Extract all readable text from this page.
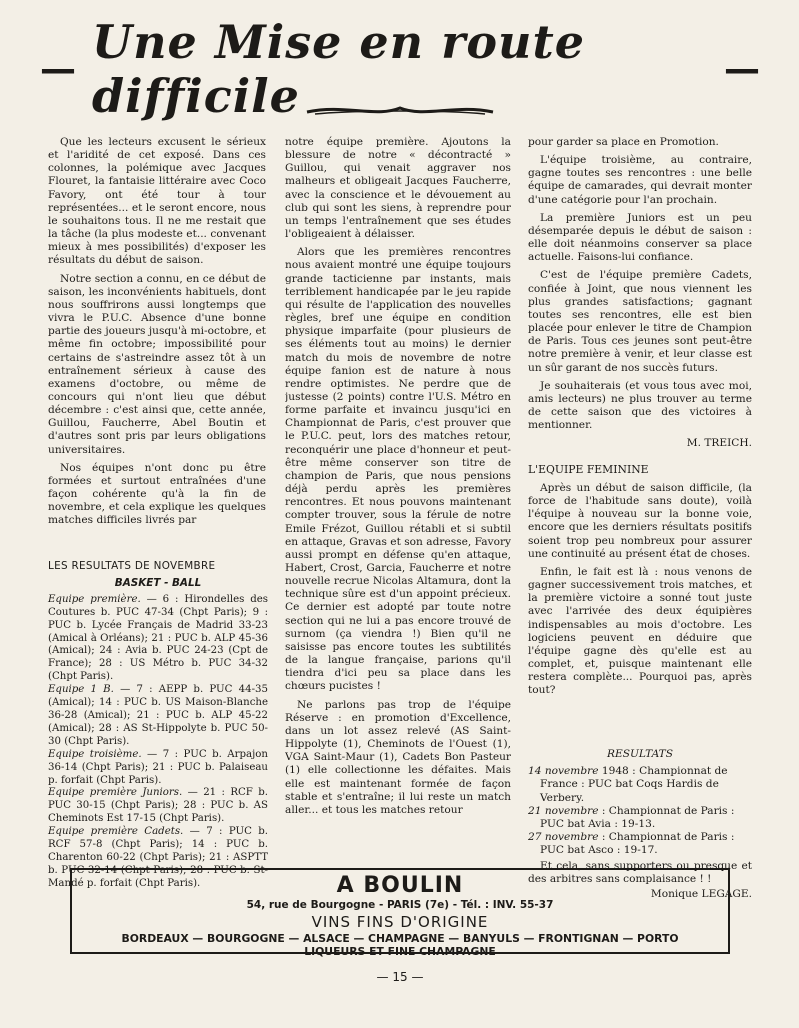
— Une Mise en route difficile	—

Que les lecteurs excusent le sérieux et l'aridité de cet exposé. Dans ces colonnes, la polémique avec Jacques Flouret, la fantaisie littéraire avec Coco Favory, ont été tour à tour représentées... et le seront encore, nous le souhaitons tous. Il ne me restait que la tâche (la plus modeste et... convenant mieux à mes possibilités) d'exposer les résultats du début de saison.

Notre section a connu, en ce début de saison, les inconvénients habituels, dont nous souffrirons aussi longtemps que vivra le P.U.C. Absence d'une bonne partie des joueurs jusqu'à mi-octobre, et même fin octobre; impossibilité pour certains de s'astreindre assez tôt à un entraînement sérieux à cause des examens d'octobre, ou même de concours qui n'ont lieu que début décembre : c'est ainsi que, cette année, Guillou, Faucherre, Abel Boutin et d'autres sont pris par leurs obligations universitaires.

Nos équipes n'ont donc pu être formées et surtout entraînées d'une façon cohérente qu'à la fin de novembre, et cela explique les quelques matches difficiles livrés par

LES RESULTATS DE NOVEMBRE
BASKET - BALL

Equipe première. — 6 : Hirondelles des Coutures b. PUC 47-34 (Chpt Paris); 9 : PUC b. Lycée Français de Madrid 33-23 (Amical à Orléans); 21 : PUC b. ALP 45-36 (Amical); 24 : Avia b. PUC 24-23 (Cpt de France); 28 : US Métro b. PUC 34-32 (Chpt Paris).

Equipe 1 B. — 7 : AEPP b. PUC 44-35 (Amical); 14 : PUC b. US Maison-Blanche 36-28 (Amical); 21 : PUC b. ALP 45-22 (Amical); 28 : AS St-Hippolyte b. PUC 50-30 (Chpt Paris).

Equipe troisième. — 7 : PUC b. Arpajon 36-14 (Chpt Paris); 21 : PUC b. Palaiseau p. forfait (Chpt Paris).

Equipe première Juniors. — 21 : RCF b. PUC 30-15 (Chpt Paris); 28 : PUC b. AS Cheminots Est 17-15 (Chpt Paris).

Equipe première Cadets. — 7 : PUC b. RCF 57-8 (Chpt Paris); 14 : PUC b. Charenton 60-22 (Chpt Paris); 21 : ASPTT b. PUC 32-14 (Chpt Paris); 28 : PUC b. St-Mandé p. forfait (Chpt Paris).

notre équipe première. Ajoutons la blessure de notre « décontracté » Guillou, qui venait aggraver nos malheurs et obligeait Jacques Faucherre, avec la conscience et le dévouement au club qui sont les siens, à reprendre pour un temps l'entraînement que ses études l'obligeaient à délaisser.

Alors que les premières rencontres nous avaient montré une équipe toujours grande tacticienne par instants, mais terriblement handicapée par le jeu rapide qui résulte de l'application des nouvelles règles, bref une équipe en condition physique imparfaite (pour plusieurs de ses éléments tout au moins) le dernier match du mois de novembre de notre équipe fanion est de nature à nous rendre optimistes. Ne perdre que de justesse (2 points) contre l'U.S. Métro en forme parfaite et invaincu jusqu'ici en Championnat de Paris, c'est prouver que le P.U.C. peut, lors des matches retour, reconquérir une place d'honneur et peut-être même conserver son titre de champion de Paris, que nous pensions déjà perdu après les premières rencontres. Et nous pouvons maintenant compter trouver, sous la férule de notre Emile Frézot, Guillou rétabli et si subtil en attaque, Gravas et son adresse, Favory aussi prompt en défense qu'en attaque, Habert, Crost, Garcia, Faucherre et notre nouvelle recrue Nicolas Altamura, dont la technique sûre est d'un appoint précieux. Ce dernier est adopté par toute notre section qui ne lui a pas encore trouvé de surnom (ça viendra !) Bien qu'il ne saisisse pas encore toutes les subtilités de la langue française, parions qu'il tiendra d'ici peu sa place dans les chœurs pucistes !

Ne parlons pas trop de l'équipe Réserve : en promotion d'Excellence, dans un lot assez relevé (AS Saint-Hippolyte (1), Cheminots de l'Ouest (1), VGA Saint-Maur (1), Cadets Bon Pasteur (1) elle collectionne les défaites. Mais elle est maintenant formée de façon stable et s'entraîne; il lui reste un match aller... et tous les matches retour

pour garder sa place en Promotion.

L'équipe troisième, au contraire, gagne toutes ses rencontres : une belle équipe de camarades, qui devrait monter d'une catégorie pour l'an prochain.

La première Juniors est un peu désemparée depuis le début de saison : elle doit néanmoins conserver sa place actuelle. Faisons-lui confiance.

C'est de l'équipe première Cadets, confiée à Joint, que nous viennent les plus grandes satisfactions; gagnant toutes ses rencontres, elle est bien placée pour enlever le titre de Champion de Paris. Tous ces jeunes sont peut-être notre première à venir, et leur classe est un sûr garant de nos succès futurs.

Je souhaiterais (et vous tous avec moi, amis lecteurs) ne plus trouver au terme de cette saison que des victoires à mentionner.

M. TREICH.

L'EQUIPE FEMININE

Après un début de saison difficile, (la force de l'habitude sans doute), voilà l'équipe à nouveau sur la bonne voie, encore que les derniers résultats positifs soient trop peu nombreux pour assurer une continuité au présent état de choses.

Enfin, le fait est là : nous venons de gagner successivement trois matches, et la première victoire a sonné tout juste avec l'arrivée des deux équipières indispensables au mois d'octobre. Les logiciens peuvent en déduire que l'équipe gagne dès qu'elle est au complet, et, puisque maintenant elle restera complète... Pourquoi pas, après tout?

RESULTATS

14 novembre 1948 : Championnat de France : PUC bat Coqs Hardis de Verbery.

21 novembre : Championnat de Paris : PUC bat Avia : 19-13.

27 novembre : Championnat de Paris : PUC bat Asco : 19-17.

Et cela, sans supporters ou presque et des arbitres sans complaisance ! !

Monique LEGAGE.
A BOULIN
54, rue de Bourgogne - PARIS (7e) - Tél. : INV. 55-37
VINS FINS D'ORIGINE
BORDEAUX — BOURGOGNE — ALSACE — CHAMPAGNE — BANYULS — FRONTIGNAN — PORTO
LIQUEURS ET FINE CHAMPAGNE
— 15 —
